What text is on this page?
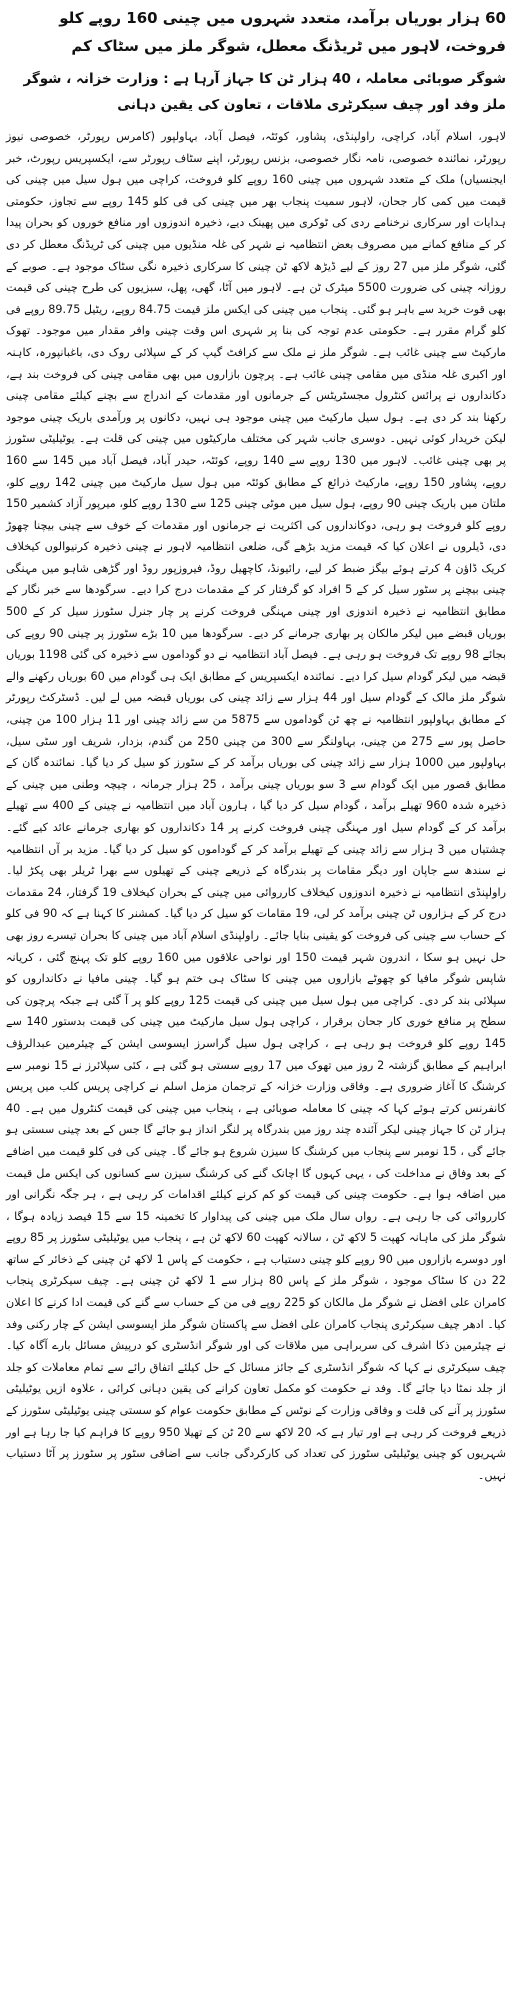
60 ہزار بوریاں برآمد، متعدد شہروں میں چینی 160 روپے کلو فروخت، لاہور میں ٹریڈنگ معطل، شوگر ملز میں سٹاک کم
شوگر صوبائی معاملہ ، 40 ہزار ٹن کا جہاز آرہا ہے : وزارت خزانہ ، شوگر ملز وفد اور چیف سیکرٹری ملاقات ، تعاون کی یقین دہانی

لاہور، اسلام آباد، کراچی، راولپنڈی، پشاور، کوئٹہ، فیصل آباد، بہاولپور (کامرس رپورٹر، خصوصی نیوز رپورٹر، نمائندہ خصوصی، نامہ نگار خصوصی، بزنس رپورٹر، اپنے سٹاف رپورٹر سے، ایکسپریس رپورٹ، خبر ایجنسیاں) ملک کے متعدد شہروں میں چینی 160 روپے کلو فروخت، کراچی میں ہول سیل میں چینی کی قیمت میں کمی کار جحان، لاہور سمیت پنجاب بھر میں چینی کی فی کلو 145 روپے سے تجاوز، حکومتی ہدایات اور سرکاری نرخنامے ردی کی ٹوکری میں پھینک دیے، ذخیرہ اندوزوں اور منافع خوروں کو بحران پیدا کر کے منافع کمانے میں مصروف بعض انتظامیہ نے شہر کی غلہ منڈیوں میں چینی کی ٹریڈنگ معطل کر دی گئی، شوگر ملز میں 27 روز کے لیے ڈیڑھ لاکھ ٹن چینی کا سرکاری ذخیرہ نگی سٹاک موجود ہے۔ صوبے کے روزانہ چینی کی ضرورت 5500 میٹرک ٹن ہے۔ لاہور میں آٹا، گھی، پھل، سبزیوں کی طرح چینی کی قیمت بھی قوت خرید سے باہر ہو گئی۔ پنجاب میں چینی کی ایکس ملز قیمت 84.75 روپے، ریٹیل 89.75 روپے فی کلو گرام مقرر ہے۔ حکومتی عدم توجہ کی بنا پر شہری اس وقت چینی وافر مقدار میں موجود۔ تھوک مارکیٹ سے چینی غائب ہے۔ شوگر ملز نے ملک سے کرافٹ گیپ کر کے سپلائی روک دی، باغبانپورہ، کاہنہ اور اکبری غلہ منڈی میں مقامی چینی غائب ہے۔ پرچون بازاروں میں بھی مقامی چینی کی فروخت بند ہے، دکانداروں نے پرائس کنٹرول مجسٹریٹس کے جرمانوں اور مقدمات کے اندراج سے بچنے کیلئے مقامی چینی رکھنا بند کر دی ہے۔ ہول سیل مارکیٹ میں چینی موجود ہی نہیں، دکانوں پر ورآمدی باریک چینی موجود لیکن خریدار کوئی نہیں۔ دوسری جانب شہر کی مختلف مارکیٹوں میں چینی کی قلت ہے۔ یوٹیلیٹی سٹورز پر بھی چینی غائب۔ لاہور میں 130 روپے سے 140 روپے، کوئٹہ، حیدر آباد، فیصل آباد میں 145 سے 160 روپے، پشاور 150 روپے، مارکیٹ ذرائع کے مطابق کوئٹہ میں ہول سیل مارکیٹ میں چینی 142 روپے کلو، ملتان میں باریک چینی 90 روپے، ہول سیل میں موٹی چینی 125 سے 130 روپے کلو، میرپور آزاد کشمیر 150 روپے کلو فروخت ہو رہی، دوکانداروں کی اکثریت نے جرمانوں اور مقدمات کے خوف سے چینی بیچنا چھوڑ دی، ڈیلروں نے اعلان کیا کہ قیمت مزید بڑھے گی، ضلعی انتظامیہ لاہور نے چینی ذخیرہ کرنیوالوں کیخلاف کریک ڈاؤن 4 کرتے ہوئے بیگز ضبط کر لیے، رائیونڈ، کاچھیل روڈ، فیروزپور روڈ اور گڑھی شاہو میں مہنگی چینی بیچنے پر سٹور سیل کر کے 5 افراد کو گرفتار کر کے مقدمات درج کرا دیے۔ سرگودھا سے خبر نگار کے مطابق انتظامیہ نے ذخیرہ اندوزی اور چینی مہنگی فروخت کرنے پر چار جنرل سٹورز سیل کر کے 500 بوریاں قبضے میں لیکر مالکان پر بھاری جرمانے کر دیے۔ سرگودھا میں 10 بڑے سٹورز پر چینی 90 روپے کی بجائے 98 روپے تک فروخت ہو رہی ہے۔ فیصل آباد انتظامیہ نے دو گوداموں سے ذخیرہ کی گئی 1198 بوریاں قبضہ میں لیکر گودام سیل کرا دیے۔ نمائندہ ایکسپریس کے مطابق ایک ہی گودام میں 60 بوریاں رکھنے والے شوگر ملز مالک کے گودام سیل اور 44 ہزار سے زائد چینی کی بوریاں قبضہ میں لے لیں۔ ڈسٹرکٹ رپورٹر کے مطابق بہاولپور انتظامیہ نے چھ ٹن گوداموں سے 5875 من سے زائد چینی اور 11 ہزار 100 من چینی، حاصل پور سے 275 من چینی، بہاولنگر سے 300 من چینی 250 من گندم، بزدار، شریف اور سٹی سیل، بہاولپور میں 1000 ہزار سے زائد چینی کی بوریاں برآمد کر کے سٹورز کو سیل کر دیا گیا۔ نمائندہ گان کے مطابق قصور میں ایک گودام سے 3 سو بوریاں چینی برآمد ، 25 ہزار جرمانہ ، چیچہ وطنی میں چینی کے ذخیرہ شدہ 960 تھیلے برآمد ، گودام سیل کر دیا گیا ، ہارون آباد میں انتظامیہ نے چینی کے 400 سے تھیلے برآمد کر کے گودام سیل اور مہنگی چینی فروخت کرنے پر 14 دکانداروں کو بھاری جرمانے عائد کیے گئے۔ چشتیاں میں 3 ہزار سے زائد چینی کے تھیلے برآمد کر کے گوداموں کو سیل کر دیا گیا۔ مزید بر آں انتظامیہ نے سندھ سے جاپان اور دیگر مقامات پر بندرگاہ کے ذریعے چینی کے تھیلوں سے بھرا ٹریلر بھی پکڑ لیا۔ راولپنڈی انتظامیہ نے ذخیرہ اندوزوں کیخلاف کارروائی میں چینی کے بحران کیخلاف 19 گرفتار، 24 مقدمات درج کر کے ہزاروں ٹن چینی برآمد کر لی، 19 مقامات کو سیل کر دیا گیا۔ کمشنر کا کہنا ہے کہ 90 فی کلو کے حساب سے چینی کی فروخت کو یقینی بنایا جائے۔ راولپنڈی اسلام آباد میں چینی کا بحران تیسرے روز بھی حل نہیں ہو سکا ، اندرون شہر قیمت 150 اور نواحی علاقوں میں 160 روپے کلو تک پہنچ گئی ، کریانہ شاپس شوگر مافیا کو چھوٹے بازاروں میں چینی کا سٹاک ہی ختم ہو گیا۔ چینی مافیا نے دکانداروں کو سپلائی بند کر دی۔ کراچی میں ہول سیل میں چینی کی قیمت 125 روپے کلو پر آ گئی ہے جبکہ پرچون کی سطح پر منافع خوری کار جحان برقرار ، کراچی ہول سیل مارکیٹ میں چینی کی قیمت بدستور 140 سے 145 روپے کلو فروخت ہو رہی ہے ، کراچی ہول سیل گراسرز ایسوسی ایشن کے چیئرمین عبدالرؤف ابراہیم کے مطابق گزشتہ 2 روز میں تھوک میں 17 روپے سستی ہو گئی ہے ، کئی سپلائرز نے 15 نومبر سے کرشنگ کا آغاز ضروری ہے۔ وفاقی وزارت خزانہ کے ترجمان مزمل اسلم نے کراچی پریس کلب میں پریس کانفرنس کرتے ہوئے کہا کہ چینی کا معاملہ صوبائی ہے ، پنجاب میں چینی کی قیمت کنٹرول میں ہے۔ 40 ہزار ٹن کا جہاز چینی لیکر آئندہ چند روز میں بندرگاہ پر لنگر انداز ہو جائے گا جس کے بعد چینی سستی ہو جائے گی ، 15 نومبر سے پنجاب میں کرشنگ کا سیزن شروع ہو جائے گا۔ چینی کی فی کلو قیمت میں اضافے کے بعد وفاق نے مداخلت کی ، یہی کہوں گا اچانک گنے کی کرشنگ سیزن سے کسانوں کی ایکس مل قیمت میں اضافہ ہوا ہے۔ حکومت چینی کی قیمت کو کم کرنے کیلئے اقدامات کر رہی ہے ، ہر جگہ نگرانی اور کارروائی کی جا رہی ہے۔ رواں سال ملک میں چینی کی پیداوار کا تخمینہ 15 سے 15 فیصد زیادہ ہوگا ، شوگر ملز کی ماہانہ کھپت 5 لاکھ ٹن ، سالانہ کھپت 60 لاکھ ٹن ہے ، پنجاب میں یوٹیلیٹی سٹورز پر 85 روپے اور دوسرے بازاروں میں 90 روپے کلو چینی دستیاب ہے ، حکومت کے پاس 1 لاکھ ٹن چینی کے ذخائر کے ساتھ 22 دن کا سٹاک موجود ، شوگر ملز کے پاس 80 ہزار سے 1 لاکھ ٹن چینی ہے۔ چیف سیکرٹری پنجاب کامران علی افضل نے شوگر مل مالکان کو 225 روپے فی من کے حساب سے گنے کی قیمت ادا کرنے کا اعلان کیا۔ ادھر چیف سیکرٹری پنجاب کامران علی افضل سے پاکستان شوگر ملز ایسوسی ایشن کے چار رکنی وفد نے چیئرمین ذکا اشرف کی سربراہی میں ملاقات کی اور شوگر انڈسٹری کو درپیش مسائل بارے آگاہ کیا۔ چیف سیکرٹری نے کہا کہ شوگر انڈسٹری کے جائز مسائل کے حل کیلئے اتفاق رائے سے تمام معاملات کو جلد از جلد نمٹا دیا جائے گا۔ وفد نے حکومت کو مکمل تعاون کرانے کی یقین دہانی کرائی ، علاوہ ازیں یوٹیلیٹی سٹورز پر آنے کی قلت و وفاقی وزارت کے نوٹس کے مطابق حکومت عوام کو سستی چینی یوٹیلیٹی سٹورز کے ذریعے فروخت کر رہی ہے اور تیار ہے کہ 20 لاکھ سے 20 ٹن کے تھیلا 950 روپے کا فراہم کیا جا رہا ہے اور شہریوں کو چینی یوٹیلیٹی سٹورز کی تعداد کی کارکردگی جانب سے اضافی سٹور پر سٹورز پر آٹا دستیاب نہیں۔
